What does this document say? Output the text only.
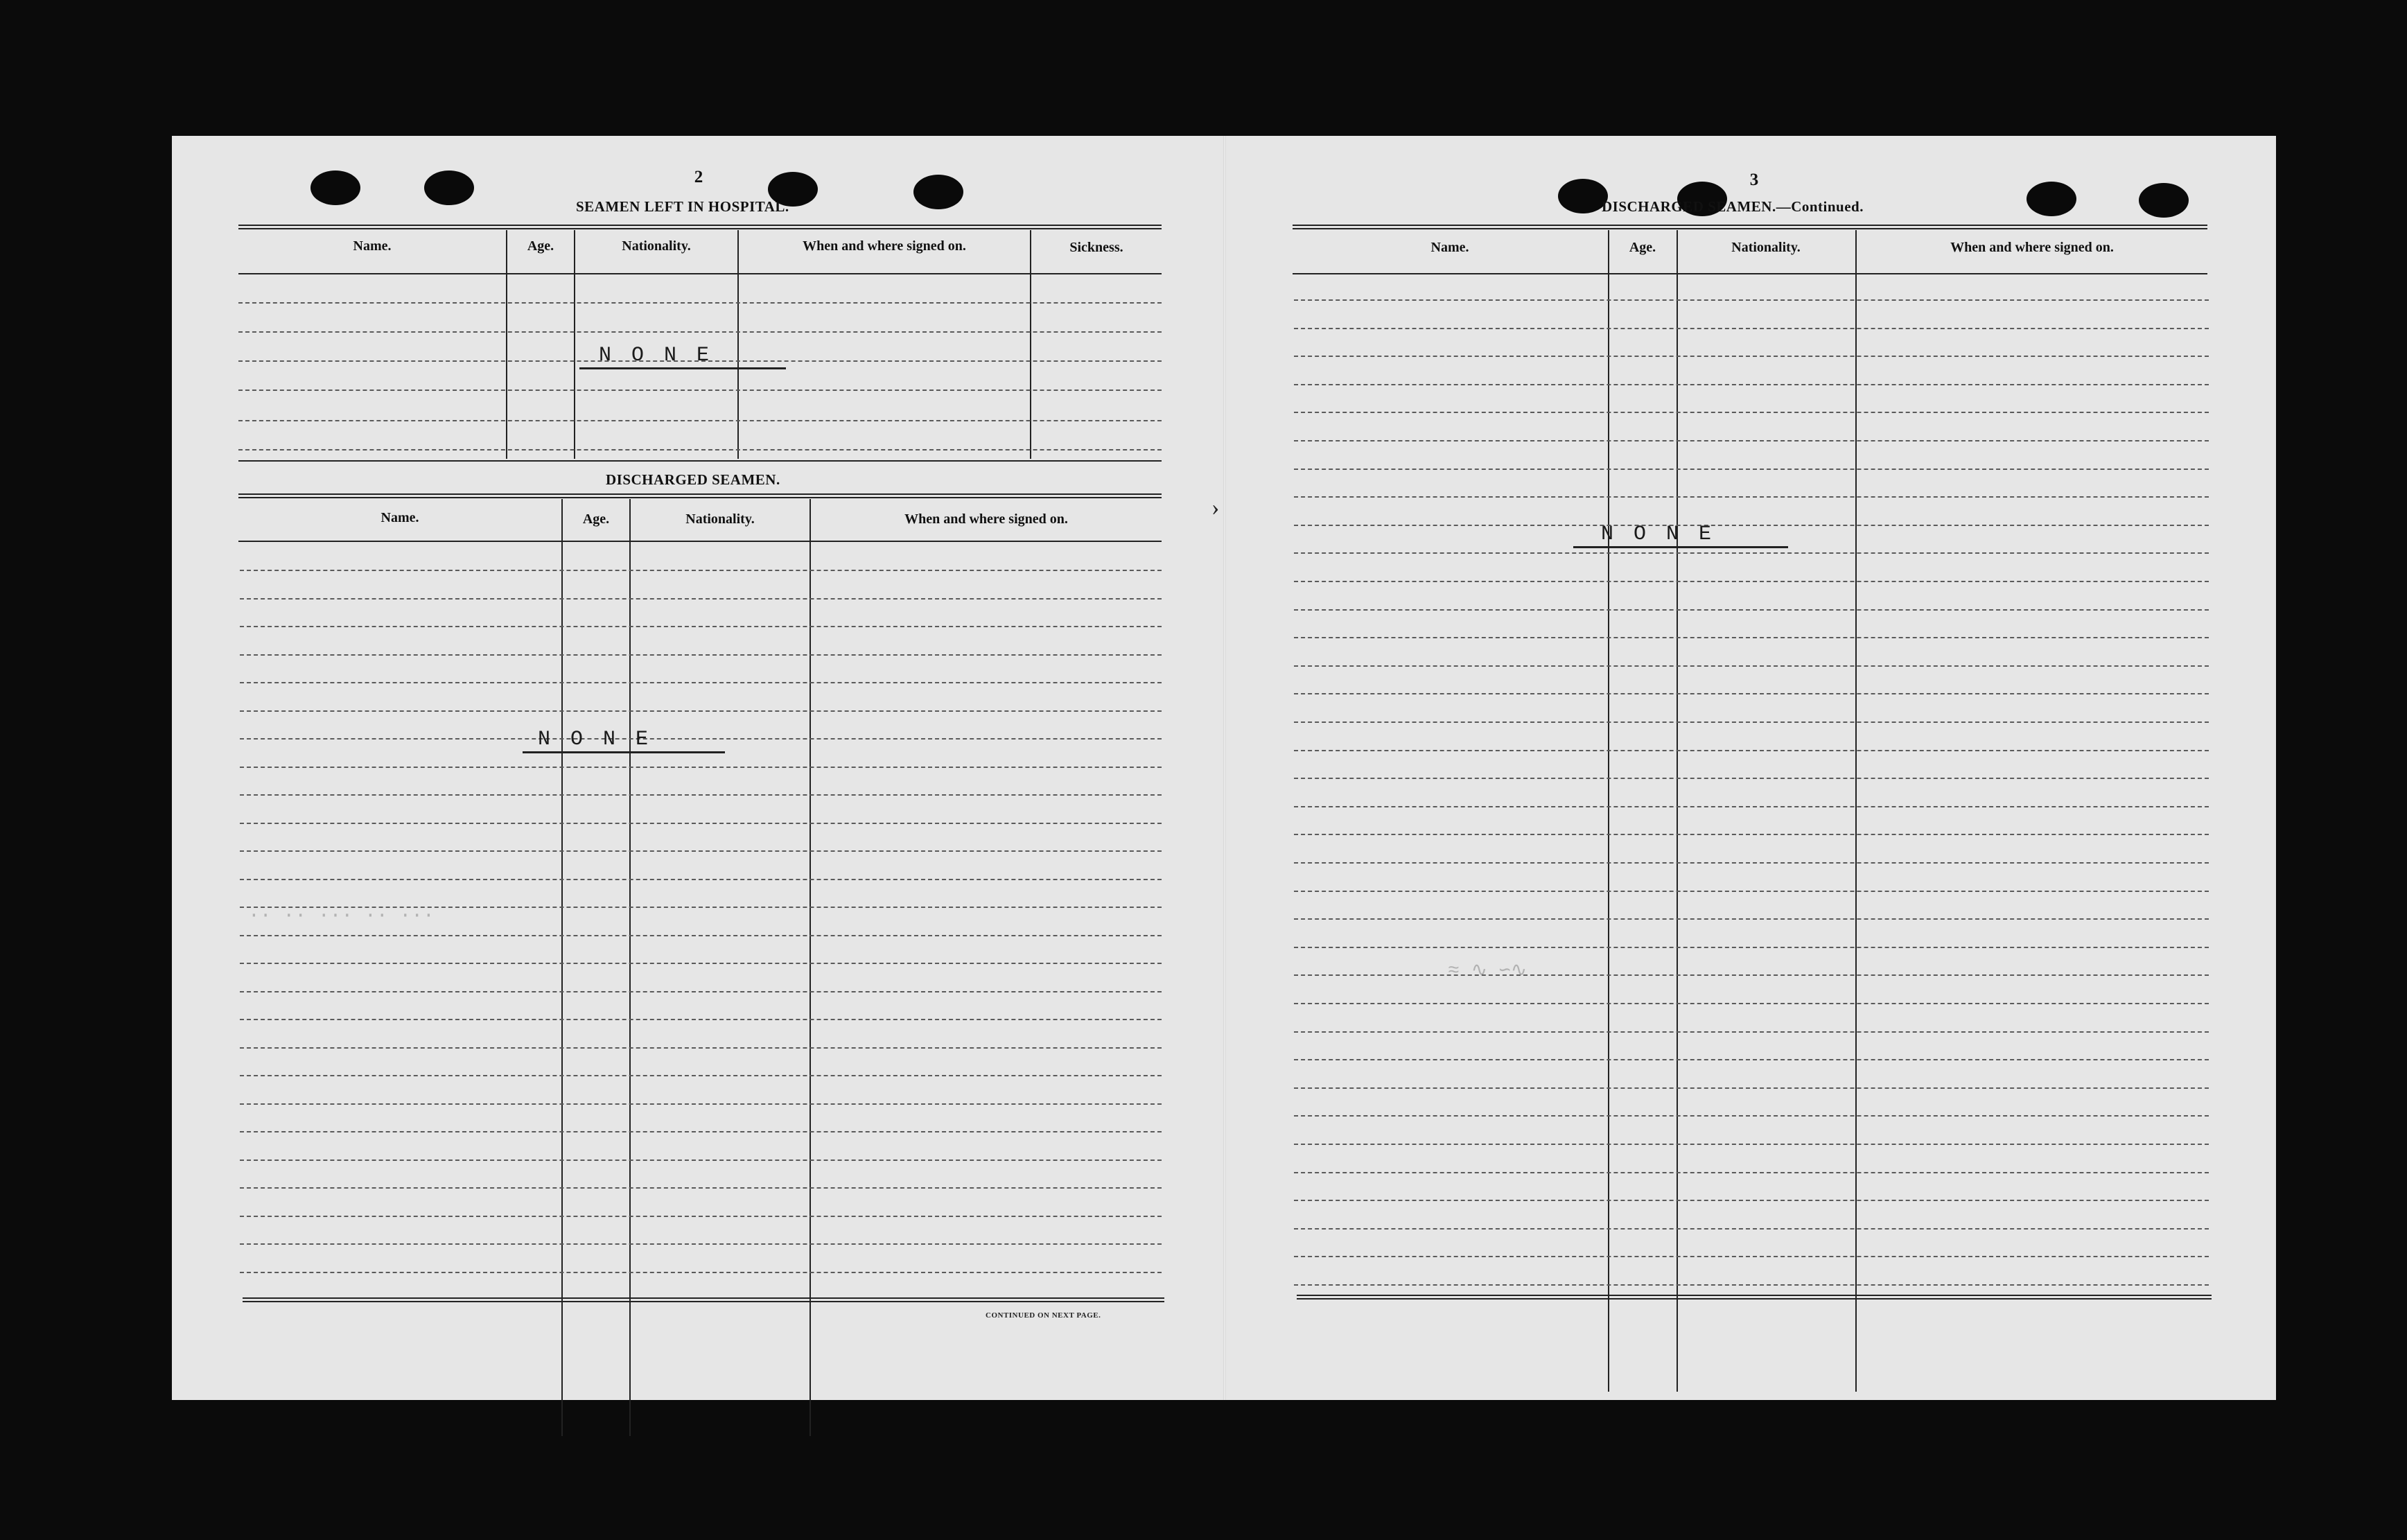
2
SEAMEN LEFT IN HOSPITAL.
Name.	Age.	Nationality.	When and where signed on.	Sickness.
NONE
DISCHARGED SEAMEN.
Name.	Age.	Nationality.	When and where signed on.
NONE
CONTINUED ON NEXT PAGE.
·· ·· ··· ·· ···
›
3
DISCHARGED SEAMEN.—Continued.
Name.	Age.	Nationality.	When and where signed on.
NONE
≈ ∿ ∽∿
